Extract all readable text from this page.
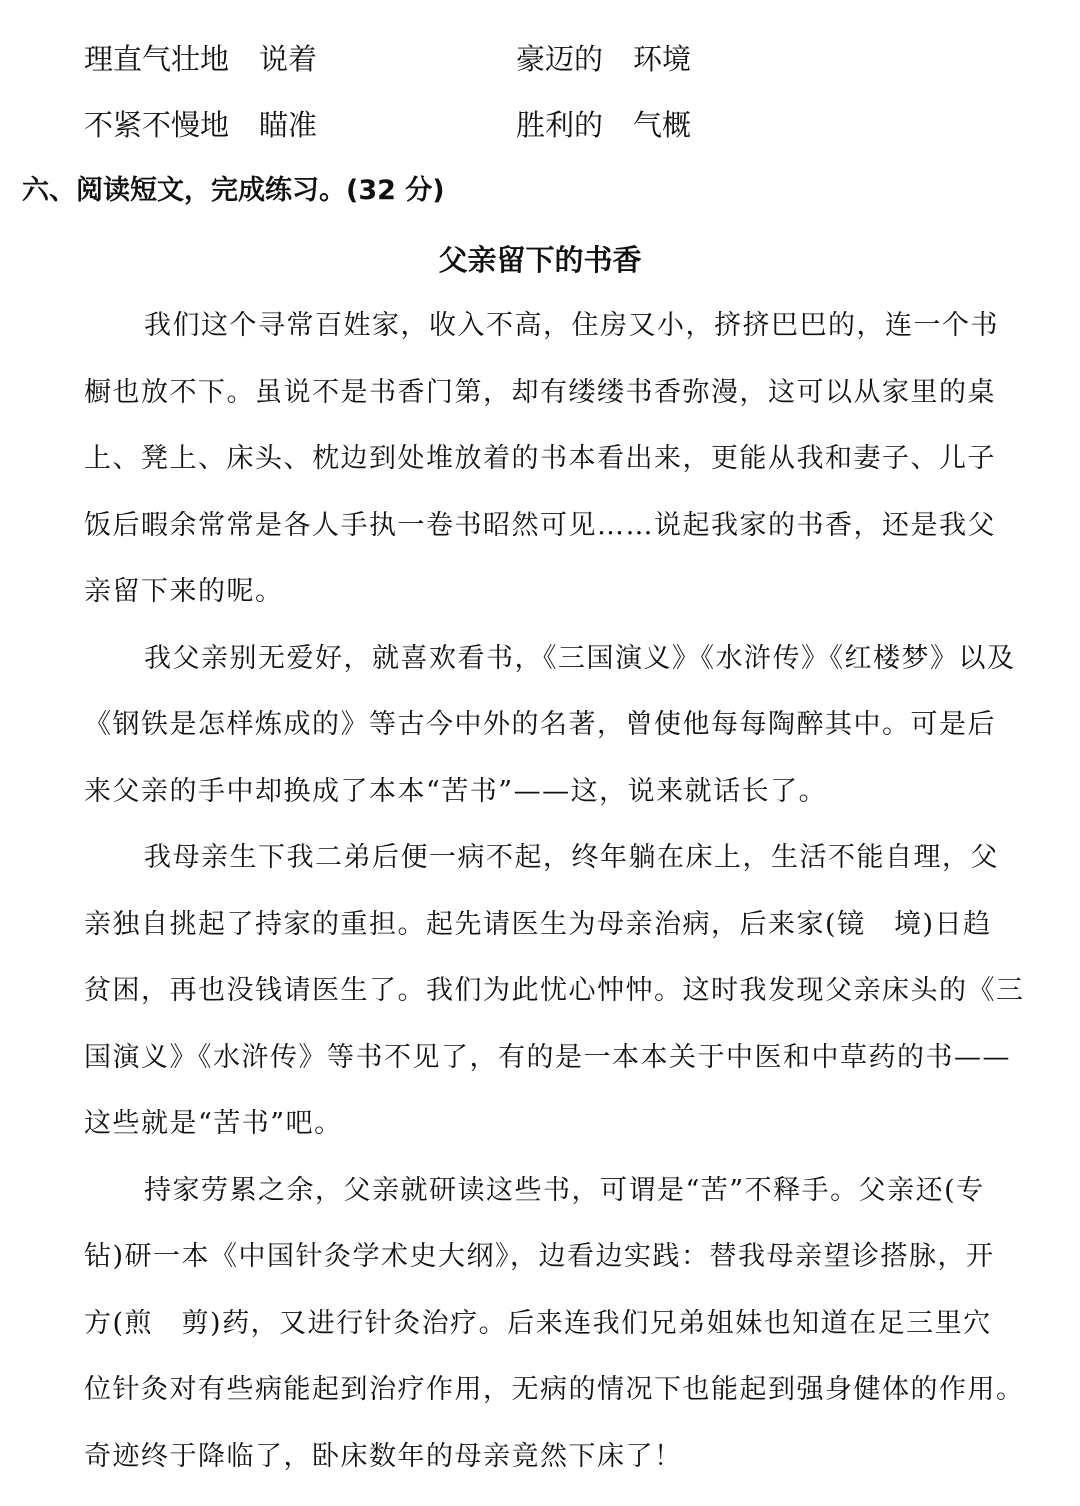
理直气壮地 说着	豪迈的 环境
不紧不慢地 瞄准	胜利的 气概
六、阅读短文，完成练习。(32 分)
父亲留下的书香

我们这个寻常百姓家，收入不高，住房又小，挤挤巴巴的，连一个书
橱也放不下。虽说不是书香门第，却有缕缕书香弥漫，这可以从家里的桌
上、凳上、床头、枕边到处堆放着的书本看出来，更能从我和妻子、儿子
饭后暇余常常是各人手执一卷书昭然可见……说起我家的书香，还是我父
亲留下来的呢。

我父亲别无爱好，就喜欢看书，《三国演义》《水浒传》《红楼梦》以及
《钢铁是怎样炼成的》等古今中外的名著，曾使他每每陶醉其中。可是后
来父亲的手中却换成了本本“苦书”——这，说来就话长了。

我母亲生下我二弟后便一病不起，终年躺在床上，生活不能自理，父
亲独自挑起了持家的重担。起先请医生为母亲治病，后来家(镜　境)日趋
贫困，再也没钱请医生了。我们为此忧心忡忡。这时我发现父亲床头的《三
国演义》《水浒传》等书不见了，有的是一本本关于中医和中草药的书——
这些就是“苦书”吧。

持家劳累之余，父亲就研读这些书，可谓是“苦”不释手。父亲还(专
钻)研一本《中国针灸学术史大纲》，边看边实践：替我母亲望诊搭脉，开
方(煎　剪)药，又进行针灸治疗。后来连我们兄弟姐妹也知道在足三里穴
位针灸对有些病能起到治疗作用，无病的情况下也能起到强身健体的作用。
奇迹终于降临了，卧床数年的母亲竟然下床了！
